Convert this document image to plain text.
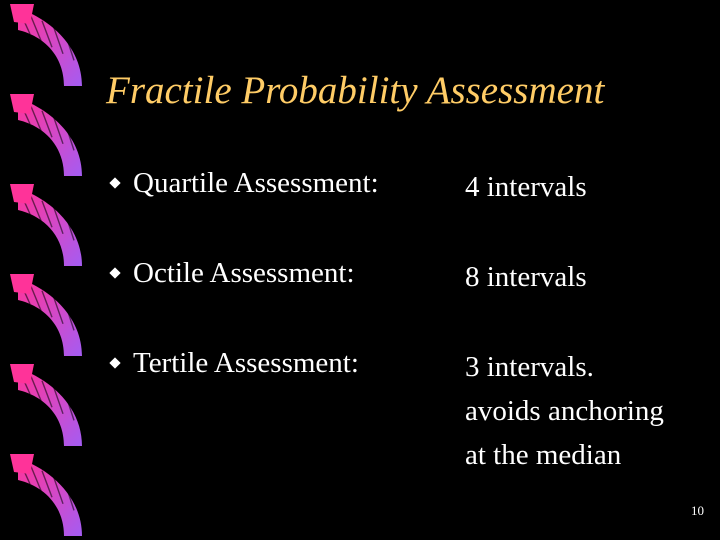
Fractile Probability Assessment
Quartile Assessment:	4 intervals
Octile Assessment:	8 intervals
Tertile Assessment:	3 intervals.
avoids anchoring
at the median
10
